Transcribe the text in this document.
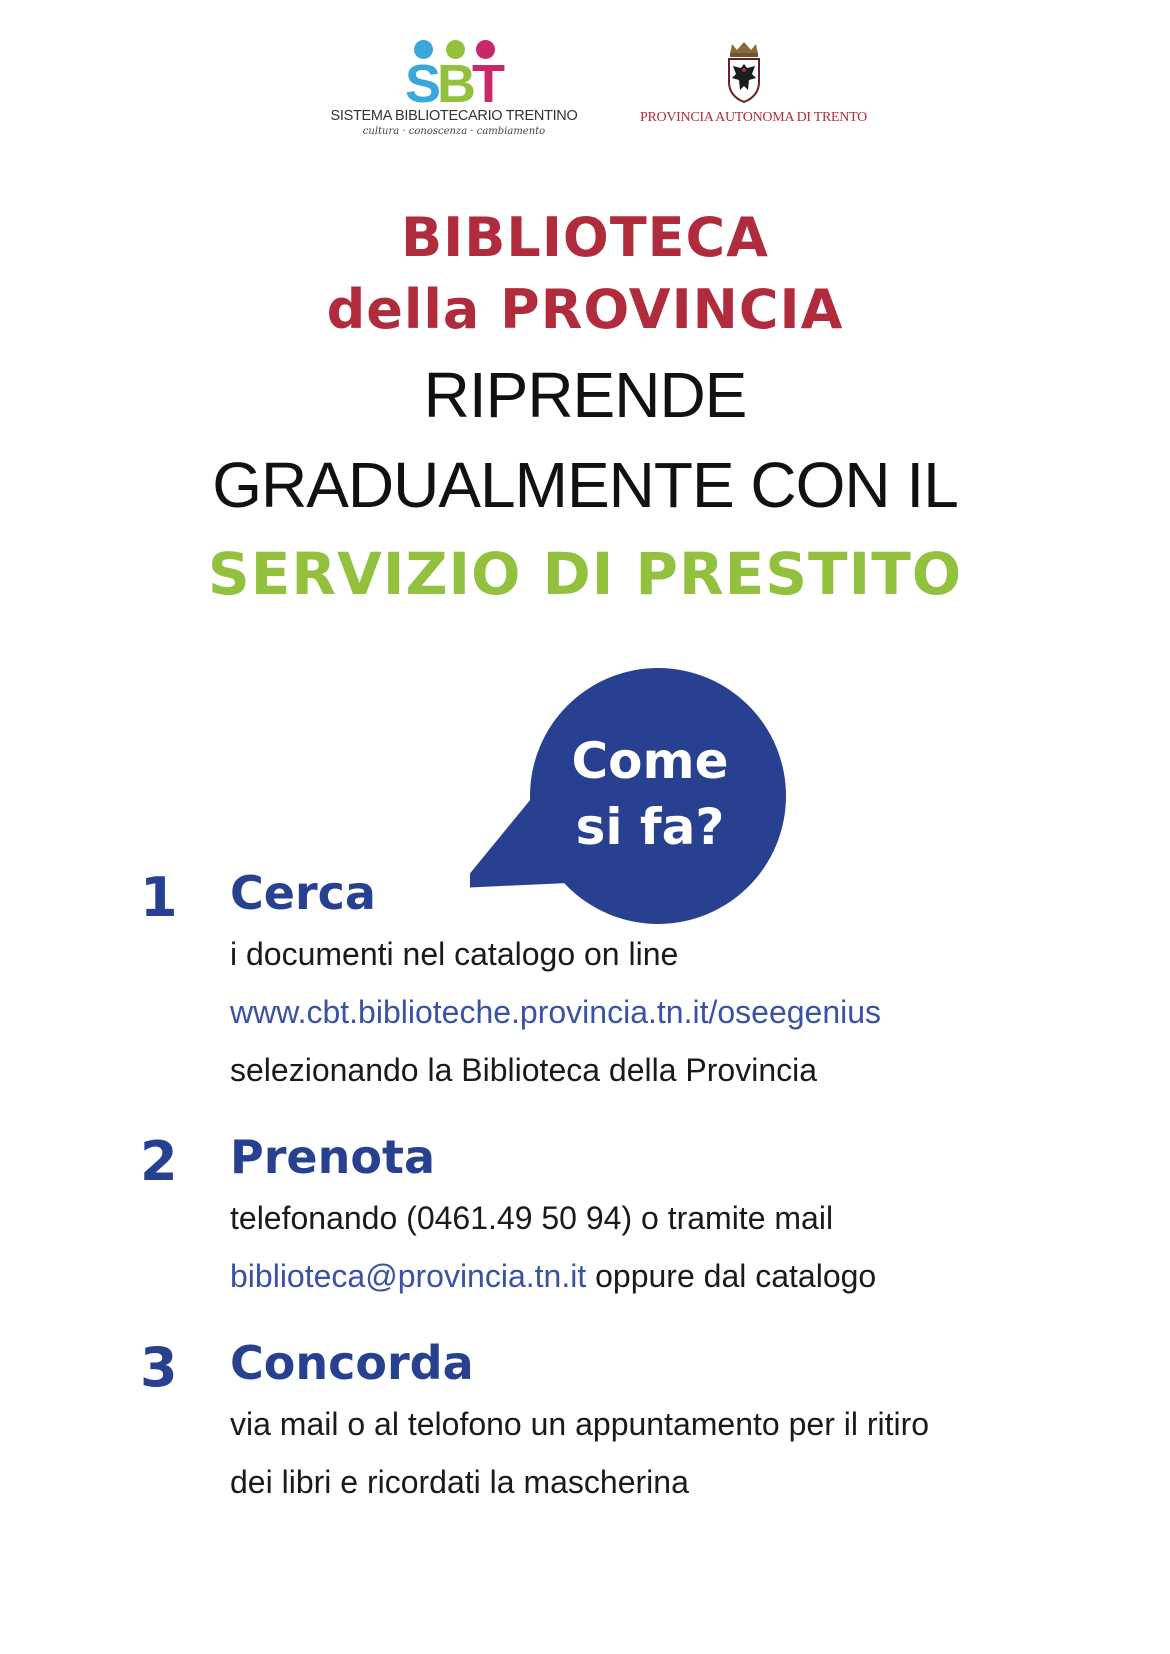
SBT
SISTEMA BIBLIOTECARIO TRENTINO
cultura · conoscenza · cambiamento
PROVINCIA AUTONOMA DI TRENTO
BIBLIOTECA
della PROVINCIA
RIPRENDE
GRADUALMENTE CON IL
SERVIZIO DI PRESTITO
Come
si fa?
1 Cerca
i documenti nel catalogo on line
www.cbt.biblioteche.provincia.tn.it/oseegenius
selezionando la Biblioteca della Provincia
2 Prenota
telefonando (0461.49 50 94) o tramite mail
biblioteca@provincia.tn.it oppure dal catalogo
3 Concorda
via mail o al telofono un appuntamento per il ritiro
dei libri e ricordati la mascherina
